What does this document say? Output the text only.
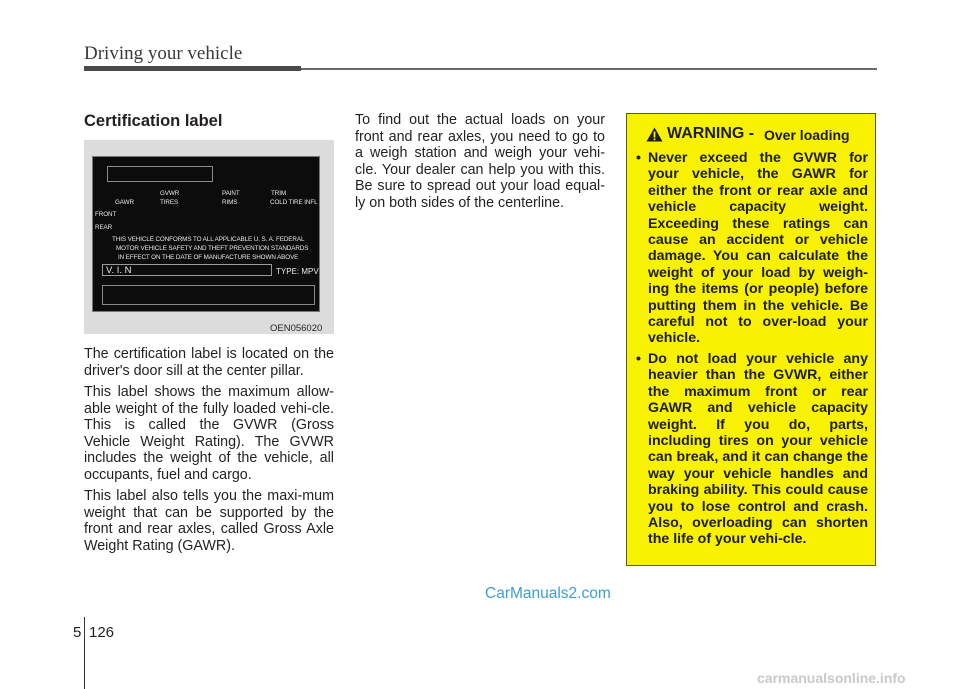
Driving your vehicle
Certification label
GVWR	PAINT	TRIM
GAWR	TIRES	RIMS	COLD TIRE INFL
FRONT
REAR
THIS VEHICLE CONFORMS TO ALL APPLICABLE U. S. A. FEDERAL
MOTOR VEHICLE SAFETY AND THEFT PREVENTION STANDARDS
IN EFFECT ON THE DATE OF MANUFACTURE SHOWN ABOVE
V. I. N	TYPE: MPV
OEN056020

The certification label is located on the driver's door sill at the center pillar.

This label shows the maximum allow-able weight of the fully loaded vehi-cle. This is called the GVWR (Gross Vehicle Weight Rating). The GVWR includes the weight of the vehicle, all occupants, fuel and cargo.

This label also tells you the maxi-mum weight that can be supported by the front and rear axles, called Gross Axle Weight Rating (GAWR).

To find out the actual loads on your front and rear axles, you need to go to a weigh station and weigh your vehi-cle. Your dealer can help you with this. Be sure to spread out your load equal-ly on both sides of the centerline.

WARNING - Over loading
• Never exceed the GVWR for your vehicle, the GAWR for either the front or rear axle and vehicle capacity weight. Exceeding these ratings can cause an accident or vehicle damage. You can calculate the weight of your load by weigh-ing the items (or people) before putting them in the vehicle. Be careful not to over-load your vehicle.
• Do not load your vehicle any heavier than the GVWR, either the maximum front or rear GAWR and vehicle capacity weight. If you do, parts, including tires on your vehicle can break, and it can change the way your vehicle handles and braking ability. This could cause you to lose control and crash. Also, overloading can shorten the life of your vehi-cle.
CarManuals2.com
5 126
carmanualsonline.info
